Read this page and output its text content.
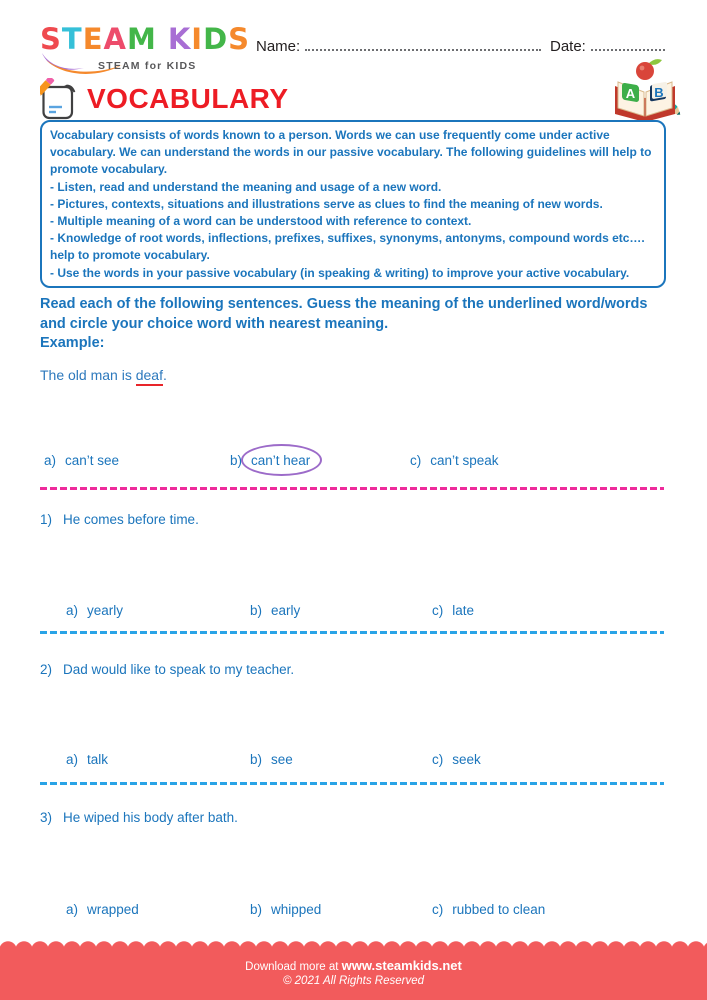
STEAM KIDS
STEAM for KIDS
Name:	Date:
VOCABULARY	A B
Vocabulary consists of words known to a person. Words we can use frequently come under active vocabulary. We can understand the words in our passive vocabulary. The following guidelines will help to promote vocabulary.
- Listen, read and understand the meaning and usage of a new word.
- Pictures, contexts, situations and illustrations serve as clues to find the meaning of new words.
- Multiple meaning of a word can be understood with reference to context.
- Knowledge of root words, inflections, prefixes, suffixes, synonyms, antonyms, compound words etc…. help to promote vocabulary.
- Use the words in your passive vocabulary (in speaking & writing) to improve your active vocabulary.
Read each of the following sentences. Guess the meaning of the underlined word/words and circle your choice word with nearest meaning.
Example:
The old man is deaf.
a) can’t see	b) can’t hear	c) can’t speak
1) He comes before time.
a) yearly	b) early	c) late
2) Dad would like to speak to my teacher.
a) talk	b) see	c) seek
3) He wiped his body after bath.
a) wrapped	b) whipped	c) rubbed to clean
Download more at www.steamkids.net
© 2021 All Rights Reserved
